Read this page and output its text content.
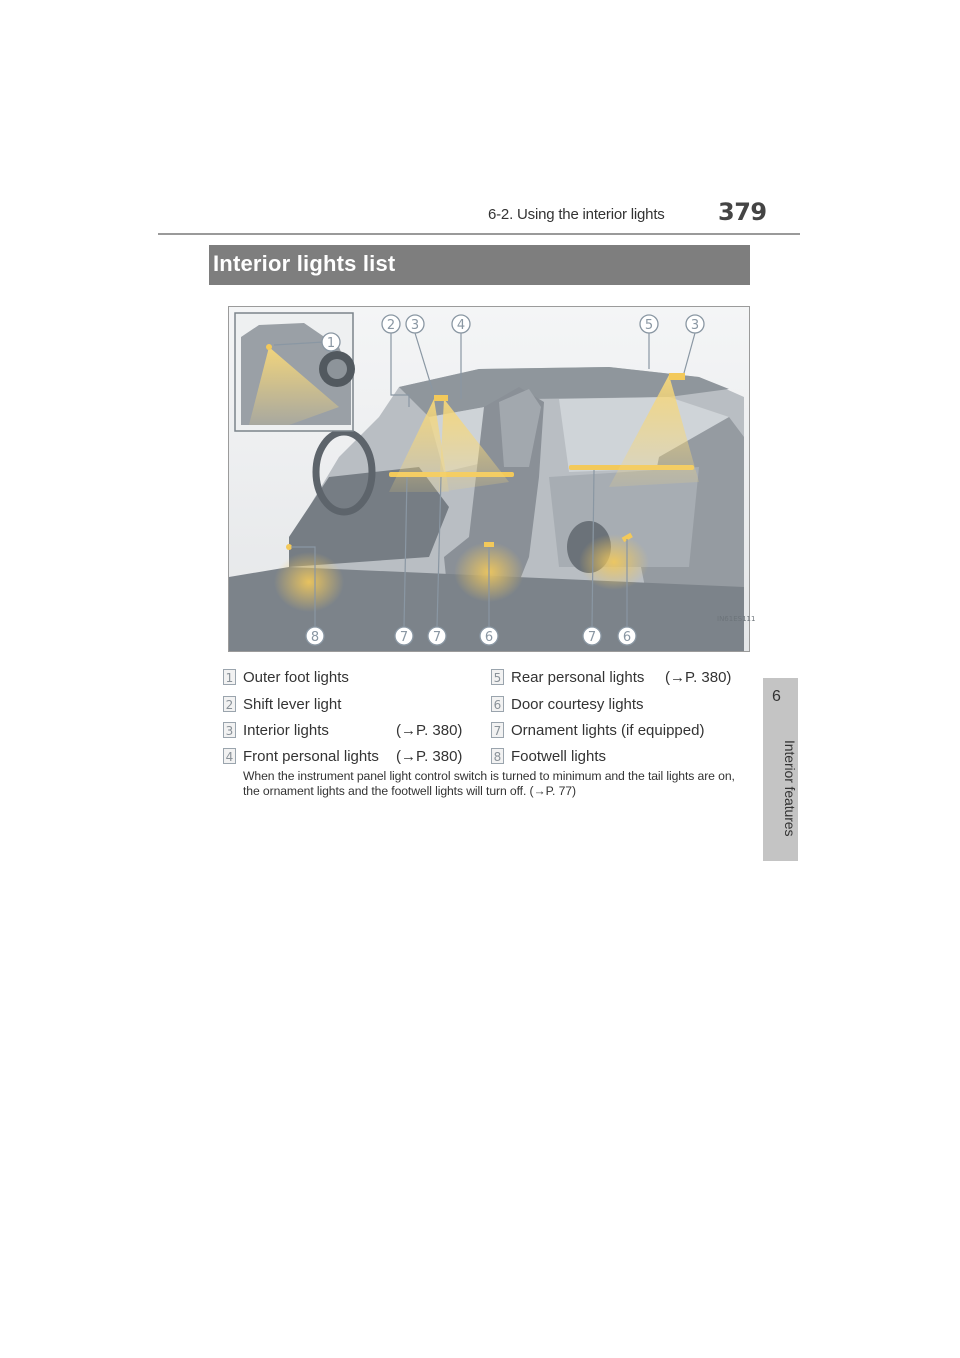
6-2. Using the interior lights 379
6
Interior features
Interior lights list
1
2 3	4	5	3
8	7 7	6	7 6
IN61ES111
1 Outer foot lights
2 Shift lever light
3 Interior lights	(→P. 380)
4 Front personal lights (→P. 380)
5 Rear personal lights (→P. 380)
6 Door courtesy lights
7 Ornament lights (if equipped)
8 Footwell lights
When the instrument panel light control switch is turned to minimum and the tail lights are on, the ornament lights and the footwell lights will turn off. (→P. 77)
